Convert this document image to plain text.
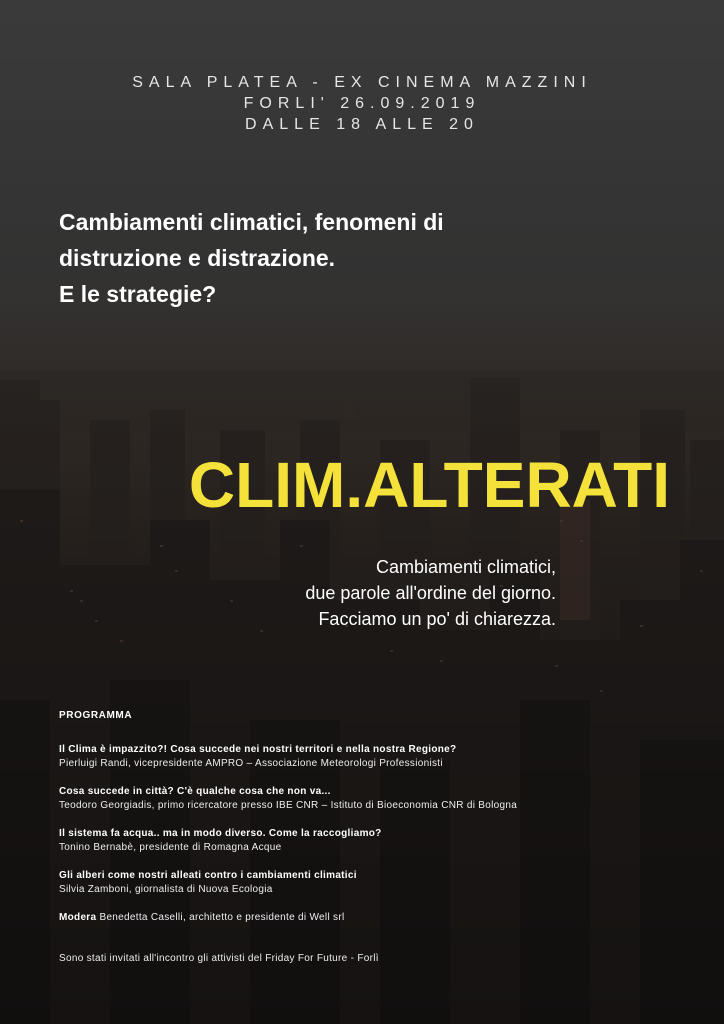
SALA PLATEA - EX CINEMA MAZZINI
FORLI' 26.09.2019
DALLE 18 ALLE 20
Cambiamenti climatici, fenomeni di
distruzione e distrazione.
E le strategie?
CLIM.ALTERATI
Cambiamenti climatici,
due parole all'ordine del giorno.
Facciamo un po' di chiarezza.
PROGRAMMA
Il Clima è impazzito?! Cosa succede nei nostri territori e nella nostra Regione?
Pierluigi Randi, vicepresidente AMPRO – Associazione Meteorologi Professionisti
Cosa succede in città? C'è qualche cosa che non va...
Teodoro Georgiadis, primo ricercatore presso IBE CNR – Istituto di Bioeconomia CNR di Bologna
Il sistema fa acqua.. ma in modo diverso. Come la raccogliamo?
Tonino Bernabè, presidente di Romagna Acque
Gli alberi come nostri alleati contro i cambiamenti climatici
Silvia Zamboni, giornalista di Nuova Ecologia
Modera Benedetta Caselli, architetto e presidente di Well srl
Sono stati invitati all'incontro gli attivisti del Friday For Future - Forlì
